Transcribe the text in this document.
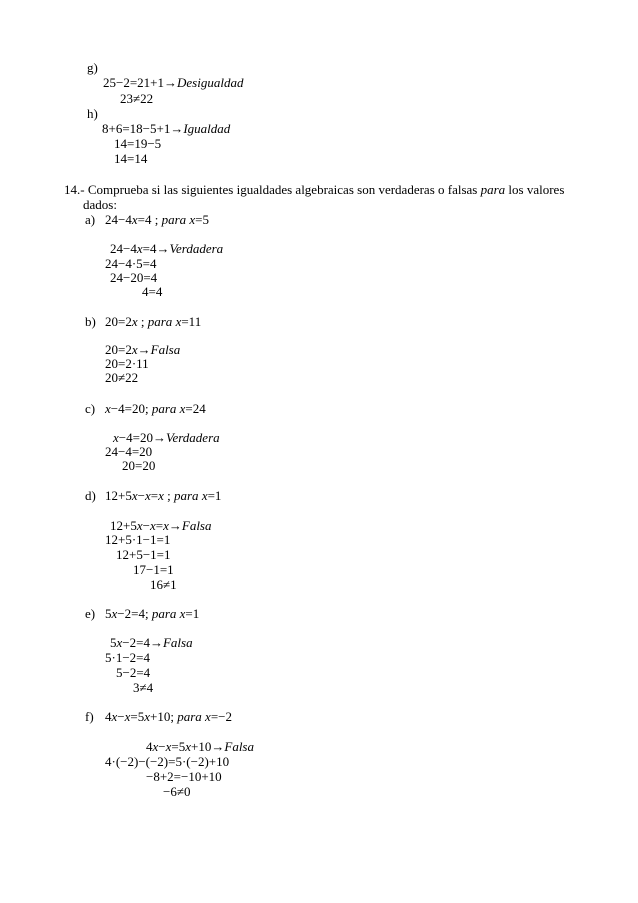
g)
25−2=21+1→Desigualdad
23≠22
h)
8+6=18−5+1→Igualdad
14=19−5
14=14
14.- Comprueba si las siguientes igualdades algebraicas son verdaderas o falsas para los valores
dados:
a) 24−4x=4 ; para x=5
24−4x=4→Verdadera
24−4·5=4
24−20=4
4=4
b) 20=2x ; para x=11
20=2x→Falsa
20=2·11
20≠22
c) x−4=20; para x=24
x−4=20→Verdadera
24−4=20
20=20
d) 12+5x−x=x ; para x=1
12+5x−x=x→Falsa
12+5·1−1=1
12+5−1=1
17−1=1
16≠1
e) 5x−2=4; para x=1
5x−2=4→Falsa
5·1−2=4
5−2=4
3≠4
f) 4x−x=5x+10; para x=−2
4x−x=5x+10→Falsa
4·(−2)−(−2)=5·(−2)+10
−8+2=−10+10
−6≠0
